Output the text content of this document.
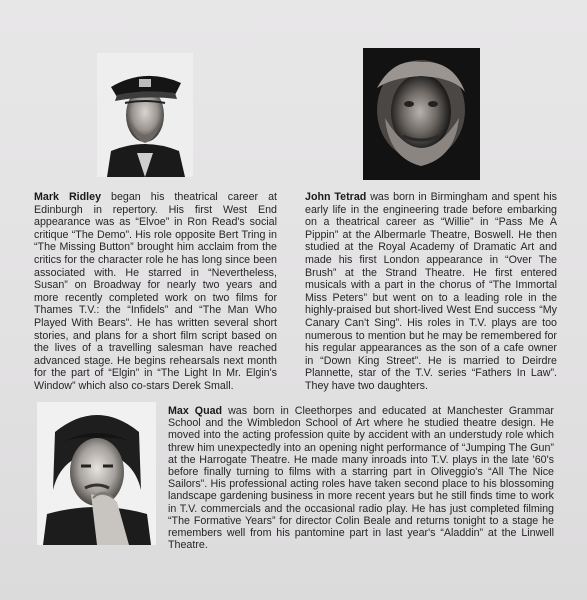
Mark Ridley began his theatrical career at Edinburgh in repertory. His first West End appearance was as “Elvoe” in Ron Read's social critique “The Demo”. His role opposite Bert Tring in “The Missing Button” brought him acclaim from the critics for the character role he has long since been associated with. He starred in “Nevertheless, Susan” on Broadway for nearly two years and more recently completed work on two films for Thames T.V.: the “Infidels” and “The Man Who Played With Bears”. He has written several short stories, and plans for a short film script based on the lives of a travelling salesman have reached advanced stage. He begins rehearsals next month for the part of “Elgin” in “The Light In Mr. Elgin's Window” which also co-stars Derek Small.

John Tetrad was born in Birmingham and spent his early life in the engineering trade before embarking on a theatrical career as “Willie” in “Pass Me A Pippin” at the Albermarle Theatre, Boswell. He then studied at the Royal Academy of Dramatic Art and made his first London appearance in “Over The Brush” at the Strand Theatre. He first entered musicals with a part in the chorus of “The Immortal Miss Peters” but went on to a leading role in the highly-praised but short-lived West End success “My Canary Can't Sing”. His roles in T.V. plays are too numerous to mention but he may be remembered for his regular appearances as the son of a cafe owner in “Down King Street”. He is married to Deirdre Plannette, star of the T.V. series “Fathers In Law”. They have two daughters.

Max Quad was born in Cleethorpes and educated at Manchester Grammar School and the Wimbledon School of Art where he studied theatre design. He moved into the acting profession quite by accident with an understudy role which threw him unexpectedly into an opening night performance of “Jumping The Gun” at the Harrogate Theatre. He made many inroads into T.V. plays in the late '60's before finally turning to films with a starring part in Oliveggio's “All The Nice Sailors”. His professional acting roles have taken second place to his blossoming landscape gardening business in more recent years but he still finds time to work in T.V. commercials and the occasional radio play. He has just completed filming “The Formative Years” for director Colin Beale and returns tonight to a stage he remembers well from his pantomine part in last year's “Aladdin” at the Linwell Theatre.
